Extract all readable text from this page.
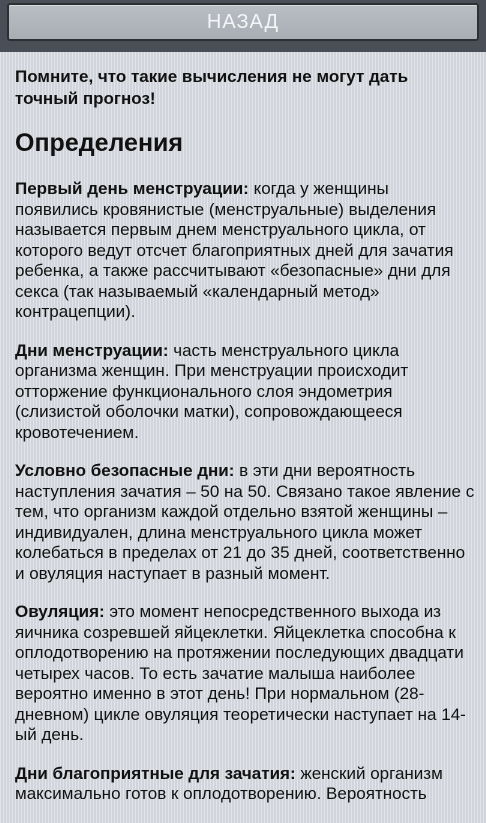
НАЗАД
Помните, что такие вычисления не могут дать точный прогноз!
Определения
Первый день менструации: когда у женщины появились кровянистые (менструальные) выделения называется первым днем менструального цикла, от которого ведут отсчет благоприятных дней для зачатия ребенка, а также рассчитывают «безопасные» дни для секса (так называемый «календарный метод» контрацепции).
Дни менструации: часть менструального цикла организма женщин. При менструации происходит отторжение функционального слоя эндометрия (слизистой оболочки матки), сопровождающееся кровотечением.
Условно безопасные дни: в эти дни вероятность наступления зачатия – 50 на 50. Связано такое явление с тем, что организм каждой отдельно взятой женщины – индивидуален, длина менструального цикла может колебаться в пределах от 21 до 35 дней, соответственно и овуляция наступает в разный момент.
Овуляция: это момент непосредственного выхода из яичника созревшей яйцеклетки. Яйцеклетка способна к оплодотворению на протяжении последующих двадцати четырех часов. То есть зачатие малыша наиболее вероятно именно в этот день! При нормальном (28-дневном) цикле овуляция теоретически наступает на 14-ый день.
Дни благоприятные для зачатия: женский организм максимально готов к оплодотворению. Вероятность
